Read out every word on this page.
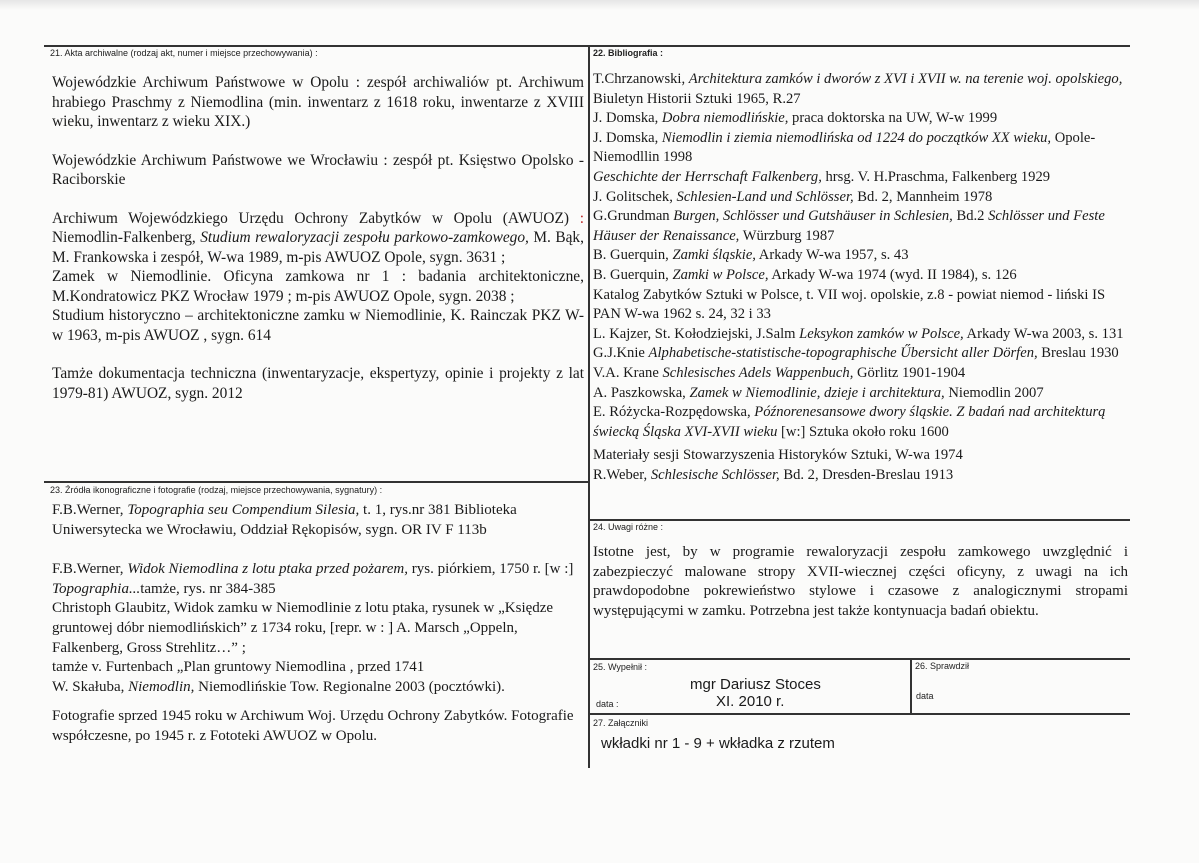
21. Akta archiwalne (rodzaj akt, numer i miejsce przechowywania) :

Wojewódzkie Archiwum Państwowe w Opolu : zespół archiwaliów pt. Archiwum hrabiego Praschmy z Niemodlina (min. inwentarz z 1618 roku, inwentarze z XVIII wieku, inwentarz z wieku XIX.)

Wojewódzkie Archiwum Państwowe we Wrocławiu : zespół pt. Księstwo Opolsko - Raciborskie

Archiwum Wojewódzkiego Urzędu Ochrony Zabytków w Opolu (AWUOZ) : Niemodlin-Falkenberg, Studium rewaloryzacji zespołu parkowo-zamkowego, M. Bąk, M. Frankowska i zespół, W-wa 1989, m-pis AWUOZ Opole, sygn. 3631 ;

Zamek w Niemodlinie. Oficyna zamkowa nr 1 : badania architektoniczne, M.Kondratowicz PKZ Wrocław 1979 ; m-pis AWUOZ Opole, sygn. 2038 ;

Studium historyczno – architektoniczne zamku w Niemodlinie, K. Rainczak PKZ W-w 1963, m-pis AWUOZ , sygn. 614

Tamże dokumentacja techniczna (inwentaryzacje, ekspertyzy, opinie i projekty z lat 1979-81) AWUOZ, sygn. 2012

22. Bibliografia :

T.Chrzanowski, Architektura zamków i dworów z XVI i XVII w. na terenie woj. opolskiego, Biuletyn Historii Sztuki 1965, R.27

J. Domska, Dobra niemodlińskie, praca doktorska na UW, W-w 1999

J. Domska, Niemodlin i ziemia niemodlińska od 1224 do początków XX wieku, Opole-Niemodllin 1998

Geschichte der Herrschaft Falkenberg, hrsg. V. H.Praschma, Falkenberg 1929

J. Golitschek, Schlesien-Land und Schlösser, Bd. 2, Mannheim 1978

G.Grundman Burgen, Schlösser und Gutshäuser in Schlesien, Bd.2 Schlösser und Feste Häuser der Renaissance, Würzburg 1987

B. Guerquin, Zamki śląskie, Arkady W-wa 1957, s. 43

B. Guerquin, Zamki w Polsce, Arkady W-wa 1974 (wyd. II 1984), s. 126

Katalog Zabytków Sztuki w Polsce, t. VII woj. opolskie, z.8 - powiat niemod - liński IS PAN W-wa 1962 s. 24, 32 i 33

L. Kajzer, St. Kołodziejski, J.Salm Leksykon zamków w Polsce, Arkady W-wa 2003, s. 131

G.J.Knie Alphabetische-statistische-topographische Űbersicht aller Dörfen, Breslau 1930

V.A. Krane Schlesisches Adels Wappenbuch, Görlitz 1901-1904

A. Paszkowska, Zamek w Niemodlinie, dzieje i architektura, Niemodlin 2007

E. Różycka-Rozpędowska, Późnorenesansowe dwory śląskie. Z badań nad architekturą świecką Śląska XVI-XVII wieku [w:] Sztuka około roku 1600

Materiały sesji Stowarzyszenia Historyków Sztuki, W-wa 1974

R.Weber, Schlesische Schlösser, Bd. 2, Dresden-Breslau 1913

23. Źródła ikonograficzne i fotografie (rodzaj, miejsce przechowywania, sygnatury) :

F.B.Werner, Topographia seu Compendium Silesia, t. 1, rys.nr 381 Biblioteka Uniwersytecka we Wrocławiu, Oddział Rękopisów, sygn. OR IV F 113b

F.B.Werner, Widok Niemodlina z lotu ptaka przed pożarem, rys. piórkiem, 1750 r. [w :] Topographia...tamże, rys. nr 384-385

Christoph Glaubitz, Widok zamku w Niemodlinie z lotu ptaka, rysunek w „Księdze gruntowej dóbr niemodlińskich” z 1734 roku, [repr. w : ] A. Marsch „Oppeln, Falkenberg, Gross Strehlitz…” ;

tamże v. Furtenbach „Plan gruntowy Niemodlina , przed 1741

W. Skałuba, Niemodlin, Niemodlińskie Tow. Regionalne 2003 (pocztówki).

Fotografie sprzed 1945 roku w Archiwum Woj. Urzędu Ochrony Zabytków. Fotografie współczesne, po 1945 r. z Fototeki AWUOZ w Opolu.

24. Uwagi różne :
Istotne jest, by w programie rewaloryzacji zespołu zamkowego uwzględnić i zabezpieczyć malowane stropy XVII-wiecznej części oficyny, z uwagi na ich prawdopodobne pokrewieństwo stylowe i czasowe z analogicznymi stropami występującymi w zamku. Potrzebna jest także kontynuacja badań obiektu.
25. Wypełnił :
mgr Dariusz Stoces
data :	XI. 2010 r.
26. Sprawdził
data
27. Załączniki
wkładki nr 1 - 9 + wkładka z rzutem
